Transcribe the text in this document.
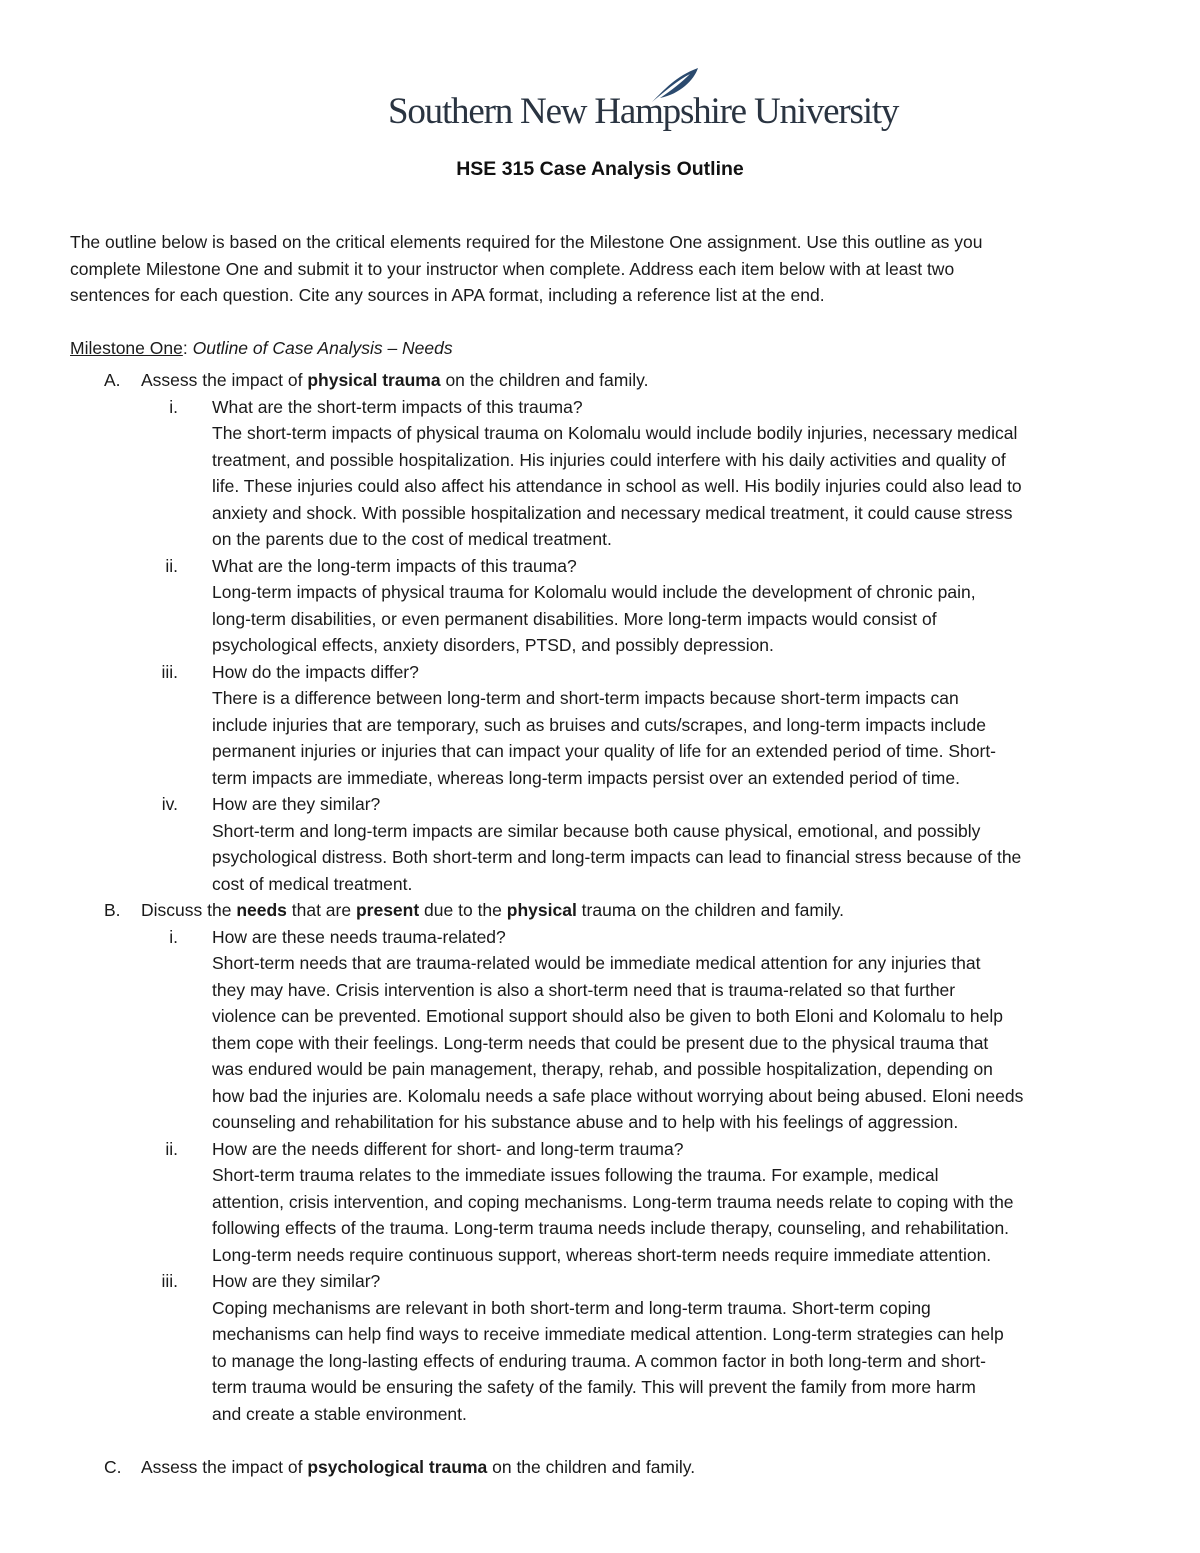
Southern New Hampshire University
HSE 315 Case Analysis Outline
The outline below is based on the critical elements required for the Milestone One assignment. Use this outline as you
complete Milestone One and submit it to your instructor when complete. Address each item below with at least two
sentences for each question. Cite any sources in APA format, including a reference list at the end.
Milestone One: Outline of Case Analysis – Needs
A. Assess the impact of physical trauma on the children and family.
i. What are the short-term impacts of this trauma?
The short-term impacts of physical trauma on Kolomalu would include bodily injuries, necessary medical
treatment, and possible hospitalization. His injuries could interfere with his daily activities and quality of
life. These injuries could also affect his attendance in school as well. His bodily injuries could also lead to
anxiety and shock. With possible hospitalization and necessary medical treatment, it could cause stress
on the parents due to the cost of medical treatment.
ii. What are the long-term impacts of this trauma?
Long-term impacts of physical trauma for Kolomalu would include the development of chronic pain,
long-term disabilities, or even permanent disabilities. More long-term impacts would consist of
psychological effects, anxiety disorders, PTSD, and possibly depression.
iii. How do the impacts differ?
There is a difference between long-term and short-term impacts because short-term impacts can
include injuries that are temporary, such as bruises and cuts/scrapes, and long-term impacts include
permanent injuries or injuries that can impact your quality of life for an extended period of time. Short-
term impacts are immediate, whereas long-term impacts persist over an extended period of time.
iv. How are they similar?
Short-term and long-term impacts are similar because both cause physical, emotional, and possibly
psychological distress. Both short-term and long-term impacts can lead to financial stress because of the
cost of medical treatment.
B. Discuss the needs that are present due to the physical trauma on the children and family.
i. How are these needs trauma-related?
Short-term needs that are trauma-related would be immediate medical attention for any injuries that
they may have. Crisis intervention is also a short-term need that is trauma-related so that further
violence can be prevented. Emotional support should also be given to both Eloni and Kolomalu to help
them cope with their feelings. Long-term needs that could be present due to the physical trauma that
was endured would be pain management, therapy, rehab, and possible hospitalization, depending on
how bad the injuries are. Kolomalu needs a safe place without worrying about being abused. Eloni needs
counseling and rehabilitation for his substance abuse and to help with his feelings of aggression.
ii. How are the needs different for short- and long-term trauma?
Short-term trauma relates to the immediate issues following the trauma. For example, medical
attention, crisis intervention, and coping mechanisms. Long-term trauma needs relate to coping with the
following effects of the trauma. Long-term trauma needs include therapy, counseling, and rehabilitation.
Long-term needs require continuous support, whereas short-term needs require immediate attention.
iii. How are they similar?
Coping mechanisms are relevant in both short-term and long-term trauma. Short-term coping
mechanisms can help find ways to receive immediate medical attention. Long-term strategies can help
to manage the long-lasting effects of enduring trauma. A common factor in both long-term and short-
term trauma would be ensuring the safety of the family. This will prevent the family from more harm
and create a stable environment.
C. Assess the impact of psychological trauma on the children and family.
